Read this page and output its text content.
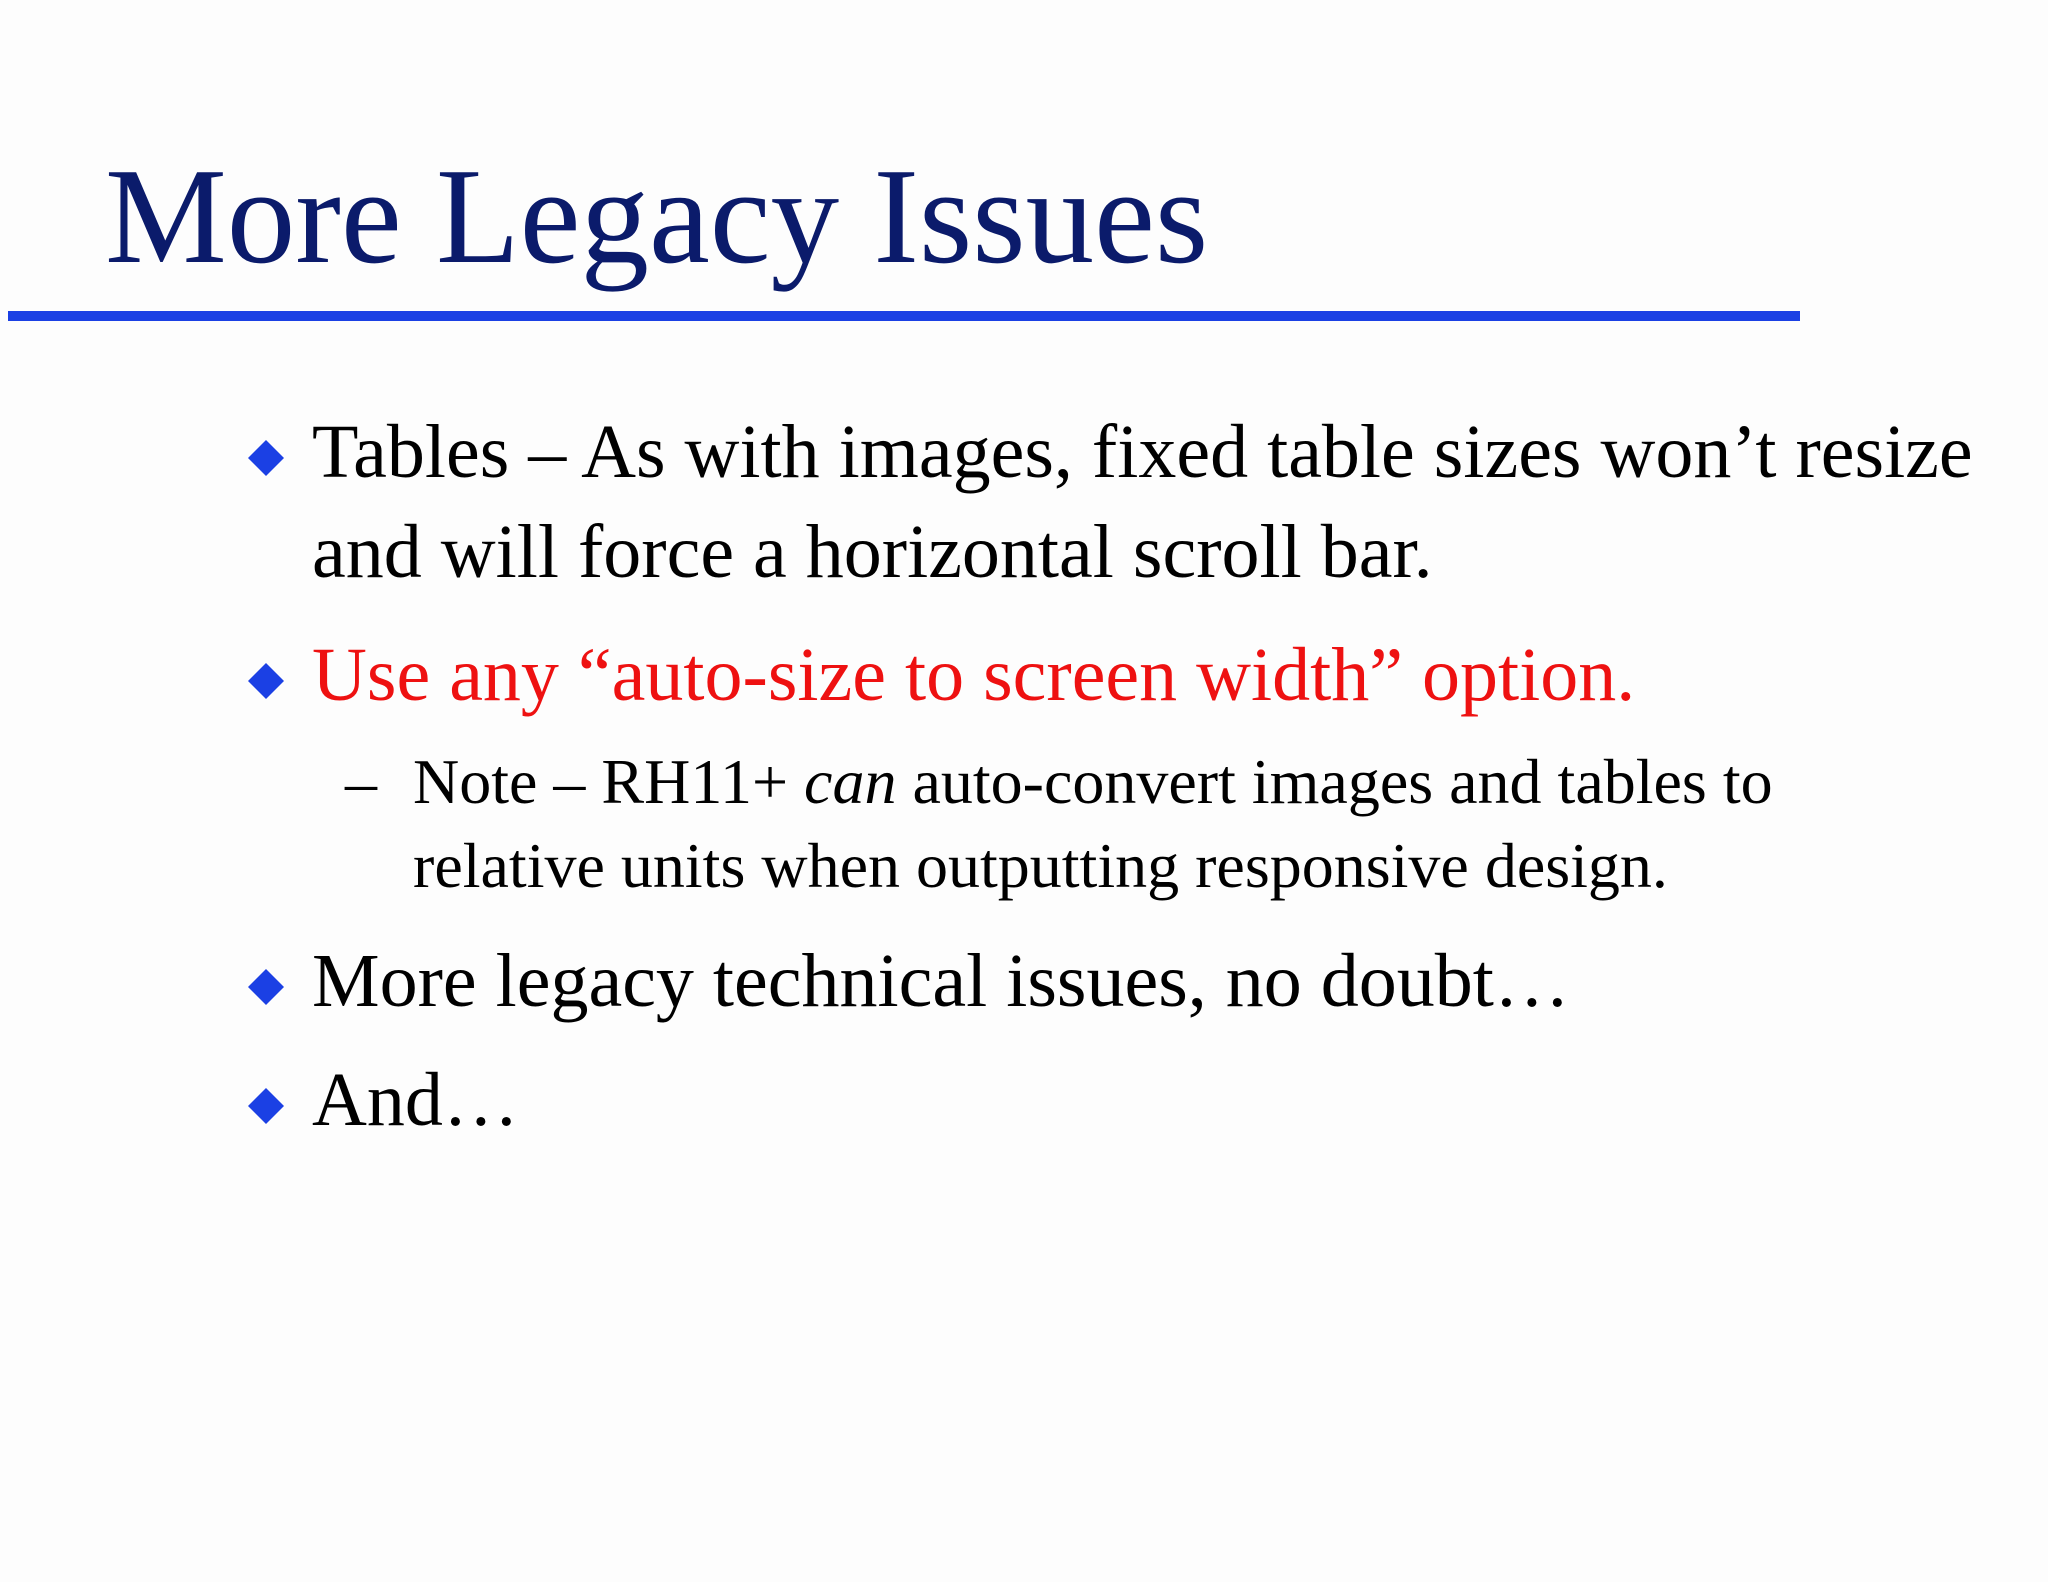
More Legacy Issues
Tables – As with images, fixed table sizes won’t resize and will force a horizontal scroll bar.
Use any “auto-size to screen width” option.
– Note – RH11+ can auto-convert images and tables to relative units when outputting responsive design.
More legacy technical issues, no doubt…
And…
